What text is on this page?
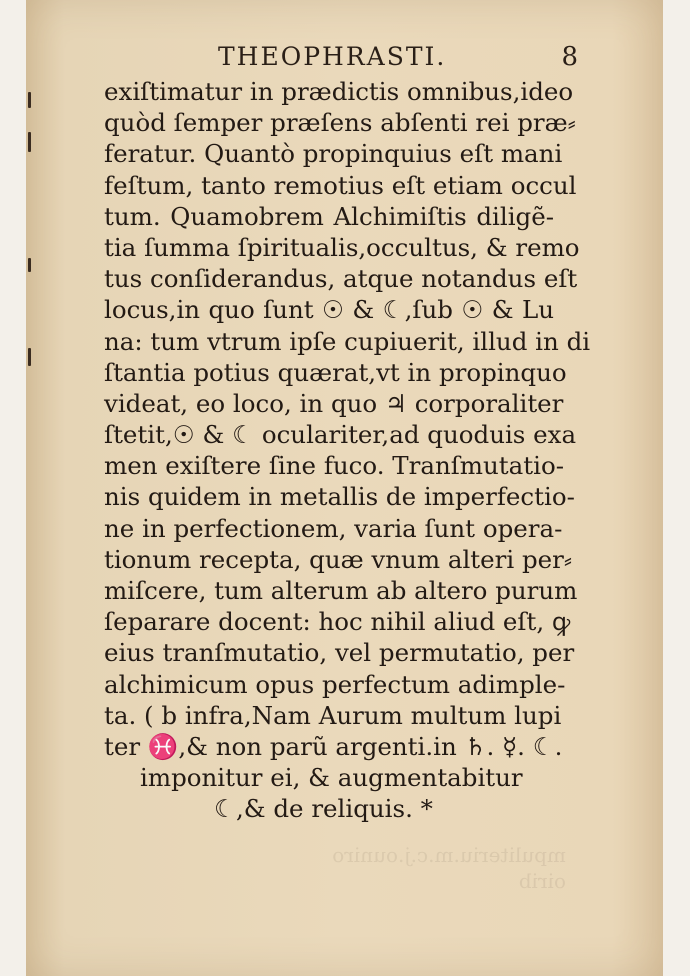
THEOPHRASTI.	8
mpuliteriu.m.c.j.ouniro
oirib
exiſtimatur in prædictis omnibus,ideo
quòd ſemper præſens abſenti rei præ⸗
feratur. Quantò propinquius eſt mani
feſtum, tanto remotius eſt etiam occul
tum. Quamobrem Alchimiſtis diligẽ-
tia ſumma ſpiritualis,occultus, & remo
tus conſiderandus, atque notandus eſt
locus,in quo ſunt ☉ & ☾,ſub ☉ & Lu
na: tum vtrum ipſe cupiuerit, illud in di
ſtantia potius quærat,vt in propinquo
videat, eo loco, in quo ♃ corporaliter
ſtetit,☉ & ☾ oculariter,ad quoduis exa
men exiſtere ſine fuco. Tranſmutatio-
nis quidem in metallis de imperfectio-
ne in perfectionem, varia ſunt opera-
tionum recepta, quæ vnum alteri per⸗
miſcere, tum alterum ab altero purum
ſeparare docent: hoc nihil aliud eſt, ꝙ
eius tranſmutatio, vel permutatio, per
alchimicum opus perfectum adimple-
ta. ( b infra,Nam Aurum multum lupi
ter ♓,& non parũ argenti.in ♄. ☿. ☾.
imponitur ei, & augmentabitur
☾,& de reliquis. *
